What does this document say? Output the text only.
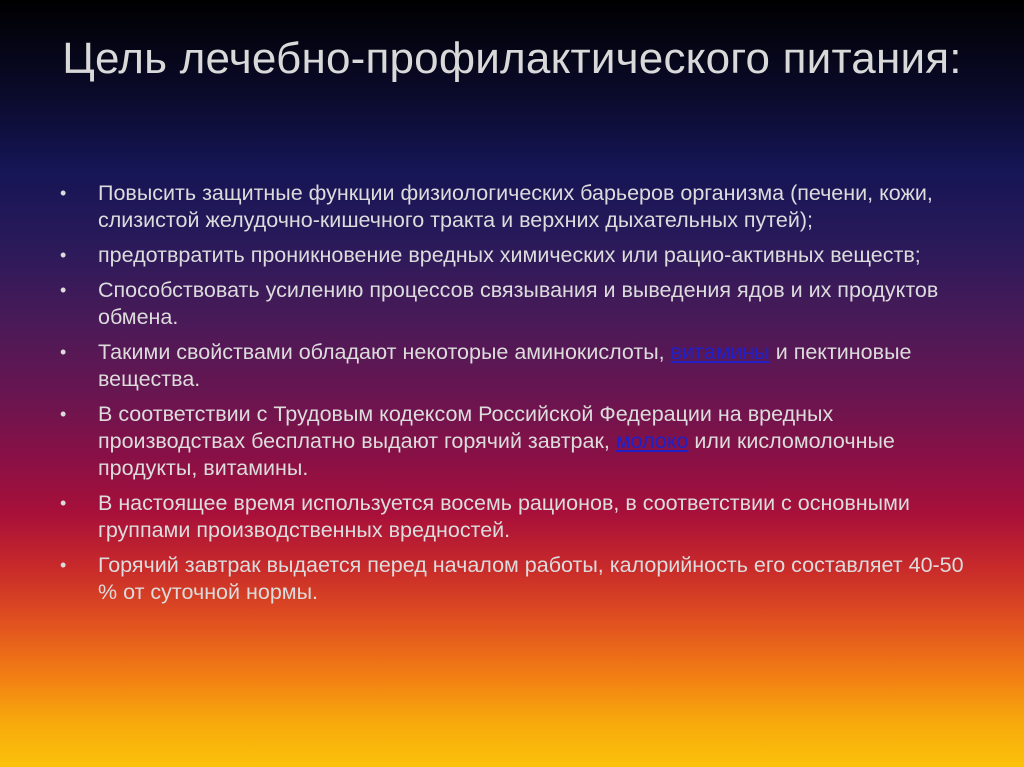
Цель лечебно-профилактического питания:
•	Повысить защитные функции физиологических барьеров организма (печени, кожи, слизистой желудочно-кишечного тракта и верхних дыхательных путей);
•	предотвратить проникновение вредных химических или рацио-активных веществ;
•	Способствовать усилению процессов связывания и выведения ядов и их продуктов обмена.
•	Такими свойствами обладают некоторые аминокислоты, витамины и пектиновые вещества.
•	В соответствии с Трудовым кодексом Российской Федерации на вредных производствах бесплатно выдают горячий завтрак, молоко или кисломолочные продукты, витамины.
•	В настоящее время используется восемь рационов, в соответствии с основными группами производственных вредностей.
•	Горячий завтрак выдается перед началом работы, калорийность его составляет 40-50 % от суточной нормы.
